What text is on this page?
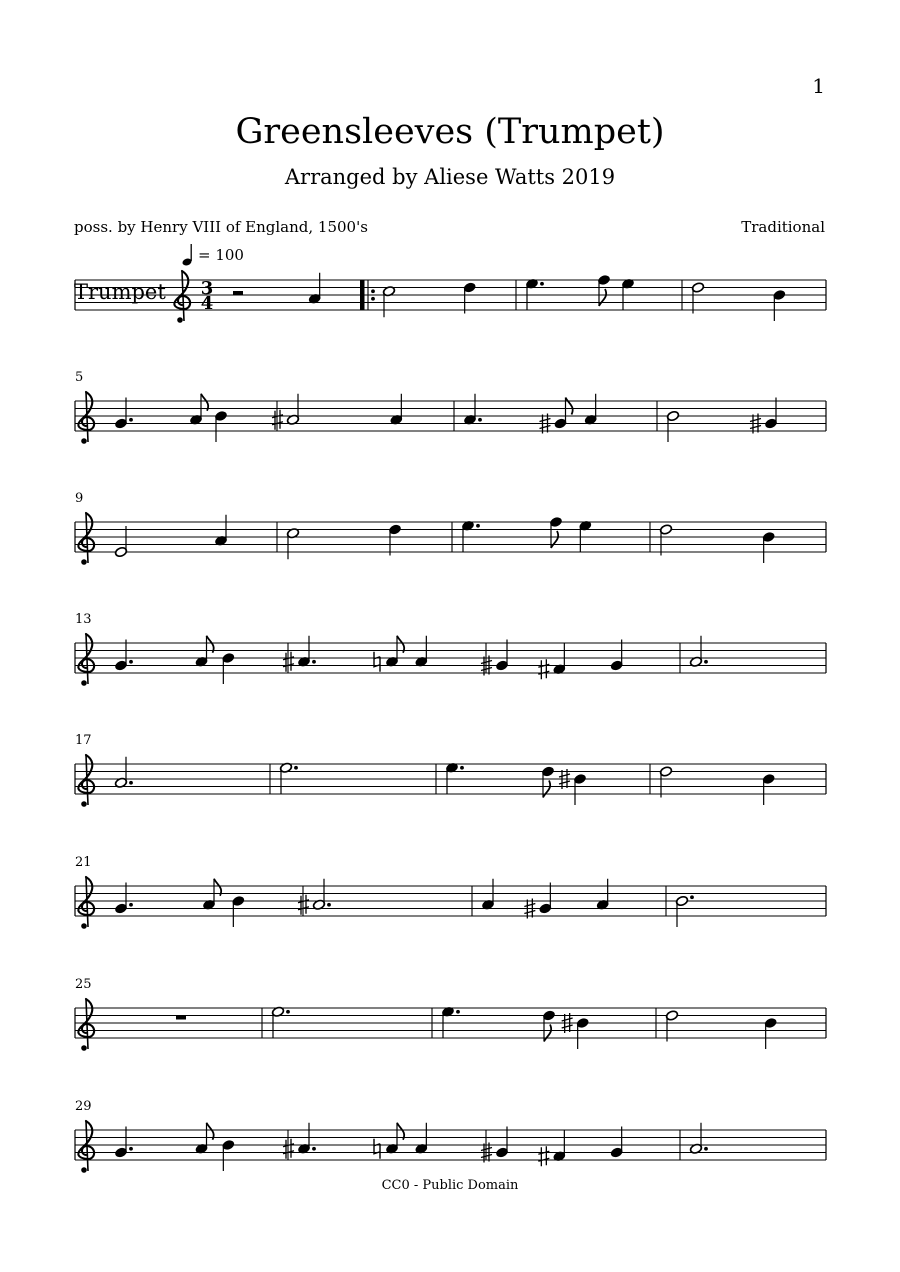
1
Greensleeves (Trumpet)
Arranged by Aliese Watts 2019
poss. by Henry VIII of England, 1500's	Traditional
= 100
Trumpet 3
4
5
9
13
17
21
25
29
CC0 - Public Domain
